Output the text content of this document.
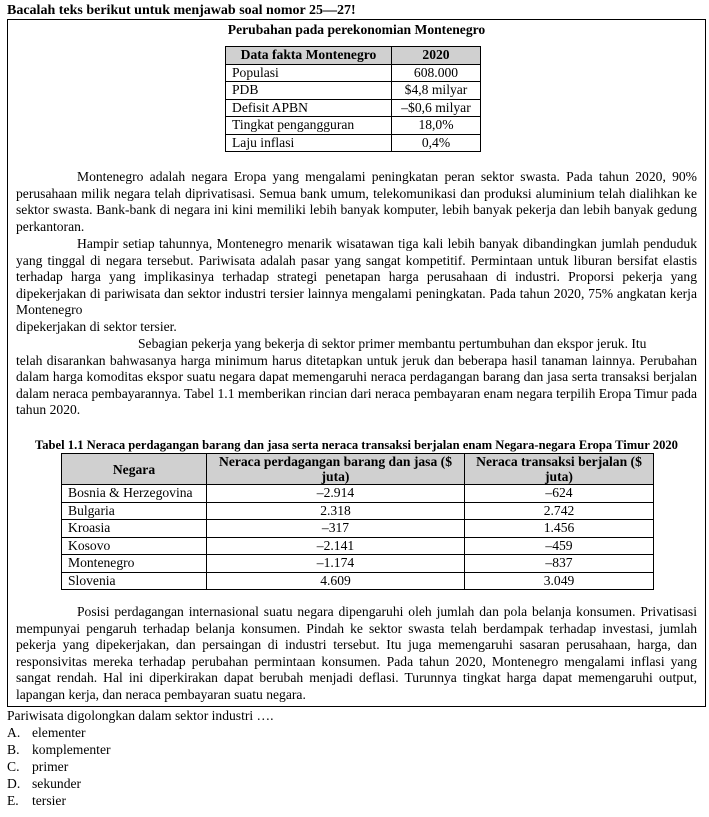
Bacalah teks berikut untuk menjawab soal nomor 25—27!
Perubahan pada perekonomian Montenegro
Data fakta Montenegro	2020
Populasi	608.000
PDB	$4,8 milyar
Defisit APBN	–$0,6 milyar
Tingkat pengangguran	18,0%
Laju inflasi	0,4%
Montenegro adalah negara Eropa yang mengalami peningkatan peran sektor swasta. Pada tahun 2020, 90% perusahaan milik negara telah diprivatisasi. Semua bank umum, telekomunikasi dan produksi aluminium telah dialihkan ke sektor swasta. Bank-bank di negara ini kini memiliki lebih banyak komputer, lebih banyak pekerja dan lebih banyak gedung perkantoran.
Hampir setiap tahunnya, Montenegro menarik wisatawan tiga kali lebih banyak dibandingkan jumlah penduduk yang tinggal di negara tersebut. Pariwisata adalah pasar yang sangat kompetitif. Permintaan untuk liburan bersifat elastis terhadap harga yang implikasinya terhadap strategi penetapan harga perusahaan di industri. Proporsi pekerja yang dipekerjakan di pariwisata dan sektor industri tersier lainnya mengalami peningkatan. Pada tahun 2020, 75% angkatan kerja Montenegro
dipekerjakan di sektor tersier.
Sebagian pekerja yang bekerja di sektor primer membantu pertumbuhan dan ekspor jeruk. Itu
telah disarankan bahwasanya harga minimum harus ditetapkan untuk jeruk dan beberapa hasil tanaman lainnya. Perubahan dalam harga komoditas ekspor suatu negara dapat memengaruhi neraca perdagangan barang dan jasa serta transaksi berjalan dalam neraca pembayarannya. Tabel 1.1 memberikan rincian dari neraca pembayaran enam negara terpilih Eropa Timur pada tahun 2020.
Tabel 1.1 Neraca perdagangan barang dan jasa serta neraca transaksi berjalan enam Negara-negara Eropa Timur 2020
Negara	Neraca perdagangan barang dan jasa ($ juta)	Neraca transaksi berjalan ($ juta)
Bosnia & Herzegovina	–2.914	–624
Bulgaria	2.318	2.742
Kroasia	–317	1.456
Kosovo	–2.141	–459
Montenegro	–1.174	–837
Slovenia	4.609	3.049
Posisi perdagangan internasional suatu negara dipengaruhi oleh jumlah dan pola belanja konsumen. Privatisasi mempunyai pengaruh terhadap belanja konsumen. Pindah ke sektor swasta telah berdampak terhadap investasi, jumlah pekerja yang dipekerjakan, dan persaingan di industri tersebut. Itu juga memengaruhi sasaran perusahaan, harga, dan responsivitas mereka terhadap perubahan permintaan konsumen. Pada tahun 2020, Montenegro mengalami inflasi yang sangat rendah. Hal ini diperkirakan dapat berubah menjadi deflasi. Turunnya tingkat harga dapat memengaruhi output, lapangan kerja, dan neraca pembayaran suatu negara.
Pariwisata digolongkan dalam sektor industri ….
A. elementer
B. komplementer
C. primer
D. sekunder
E. tersier
